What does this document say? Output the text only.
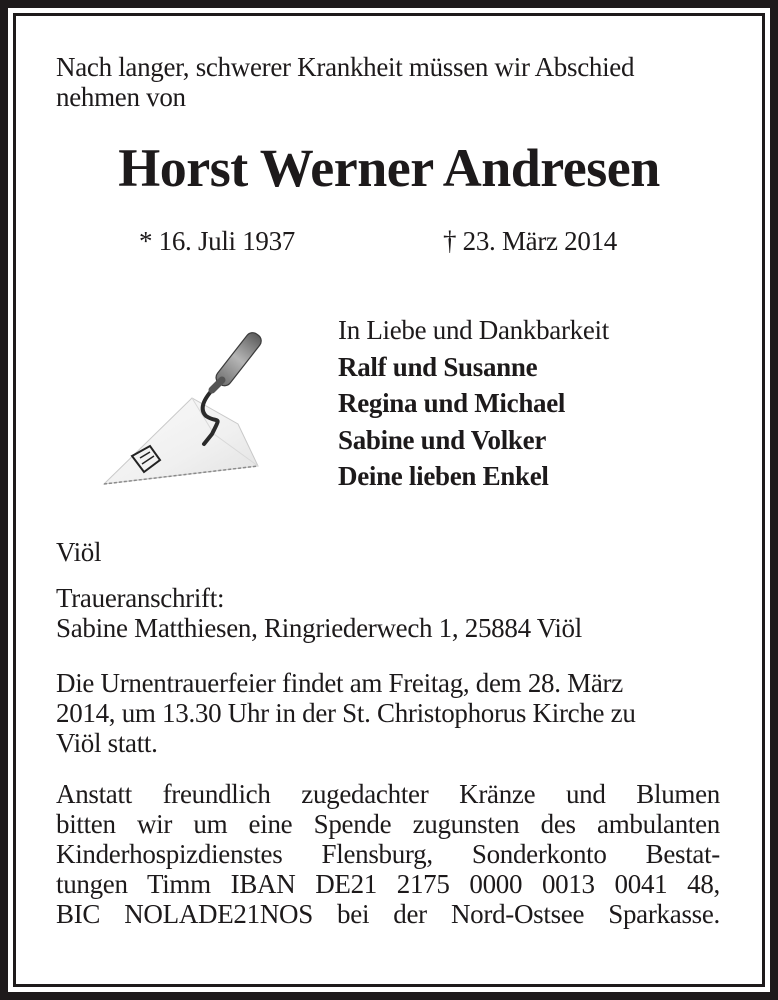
Nach langer, schwerer Krankheit müssen wir Abschied
nehmen von
Horst Werner Andresen
* 16. Juli 1937	† 23. März 2014
In Liebe und Dankbarkeit
Ralf und Susanne
Regina und Michael
Sabine und Volker
Deine lieben Enkel
Viöl
Traueranschrift:
Sabine Matthiesen, Ringriederwech 1, 25884 Viöl
Die Urnentrauerfeier findet am Freitag, dem 28. März
2014, um 13.30 Uhr in der St. Christophorus Kirche zu
Viöl statt.
Anstatt freundlich zugedachter Kränze und Blumen
bitten wir um eine Spende zugunsten des ambulanten
Kinderhospizdienstes Flensburg, Sonderkonto Bestat-
tungen Timm IBAN DE21 2175 0000 0013 0041 48,
BIC NOLADE21NOS bei der Nord-Ostsee Sparkasse.
